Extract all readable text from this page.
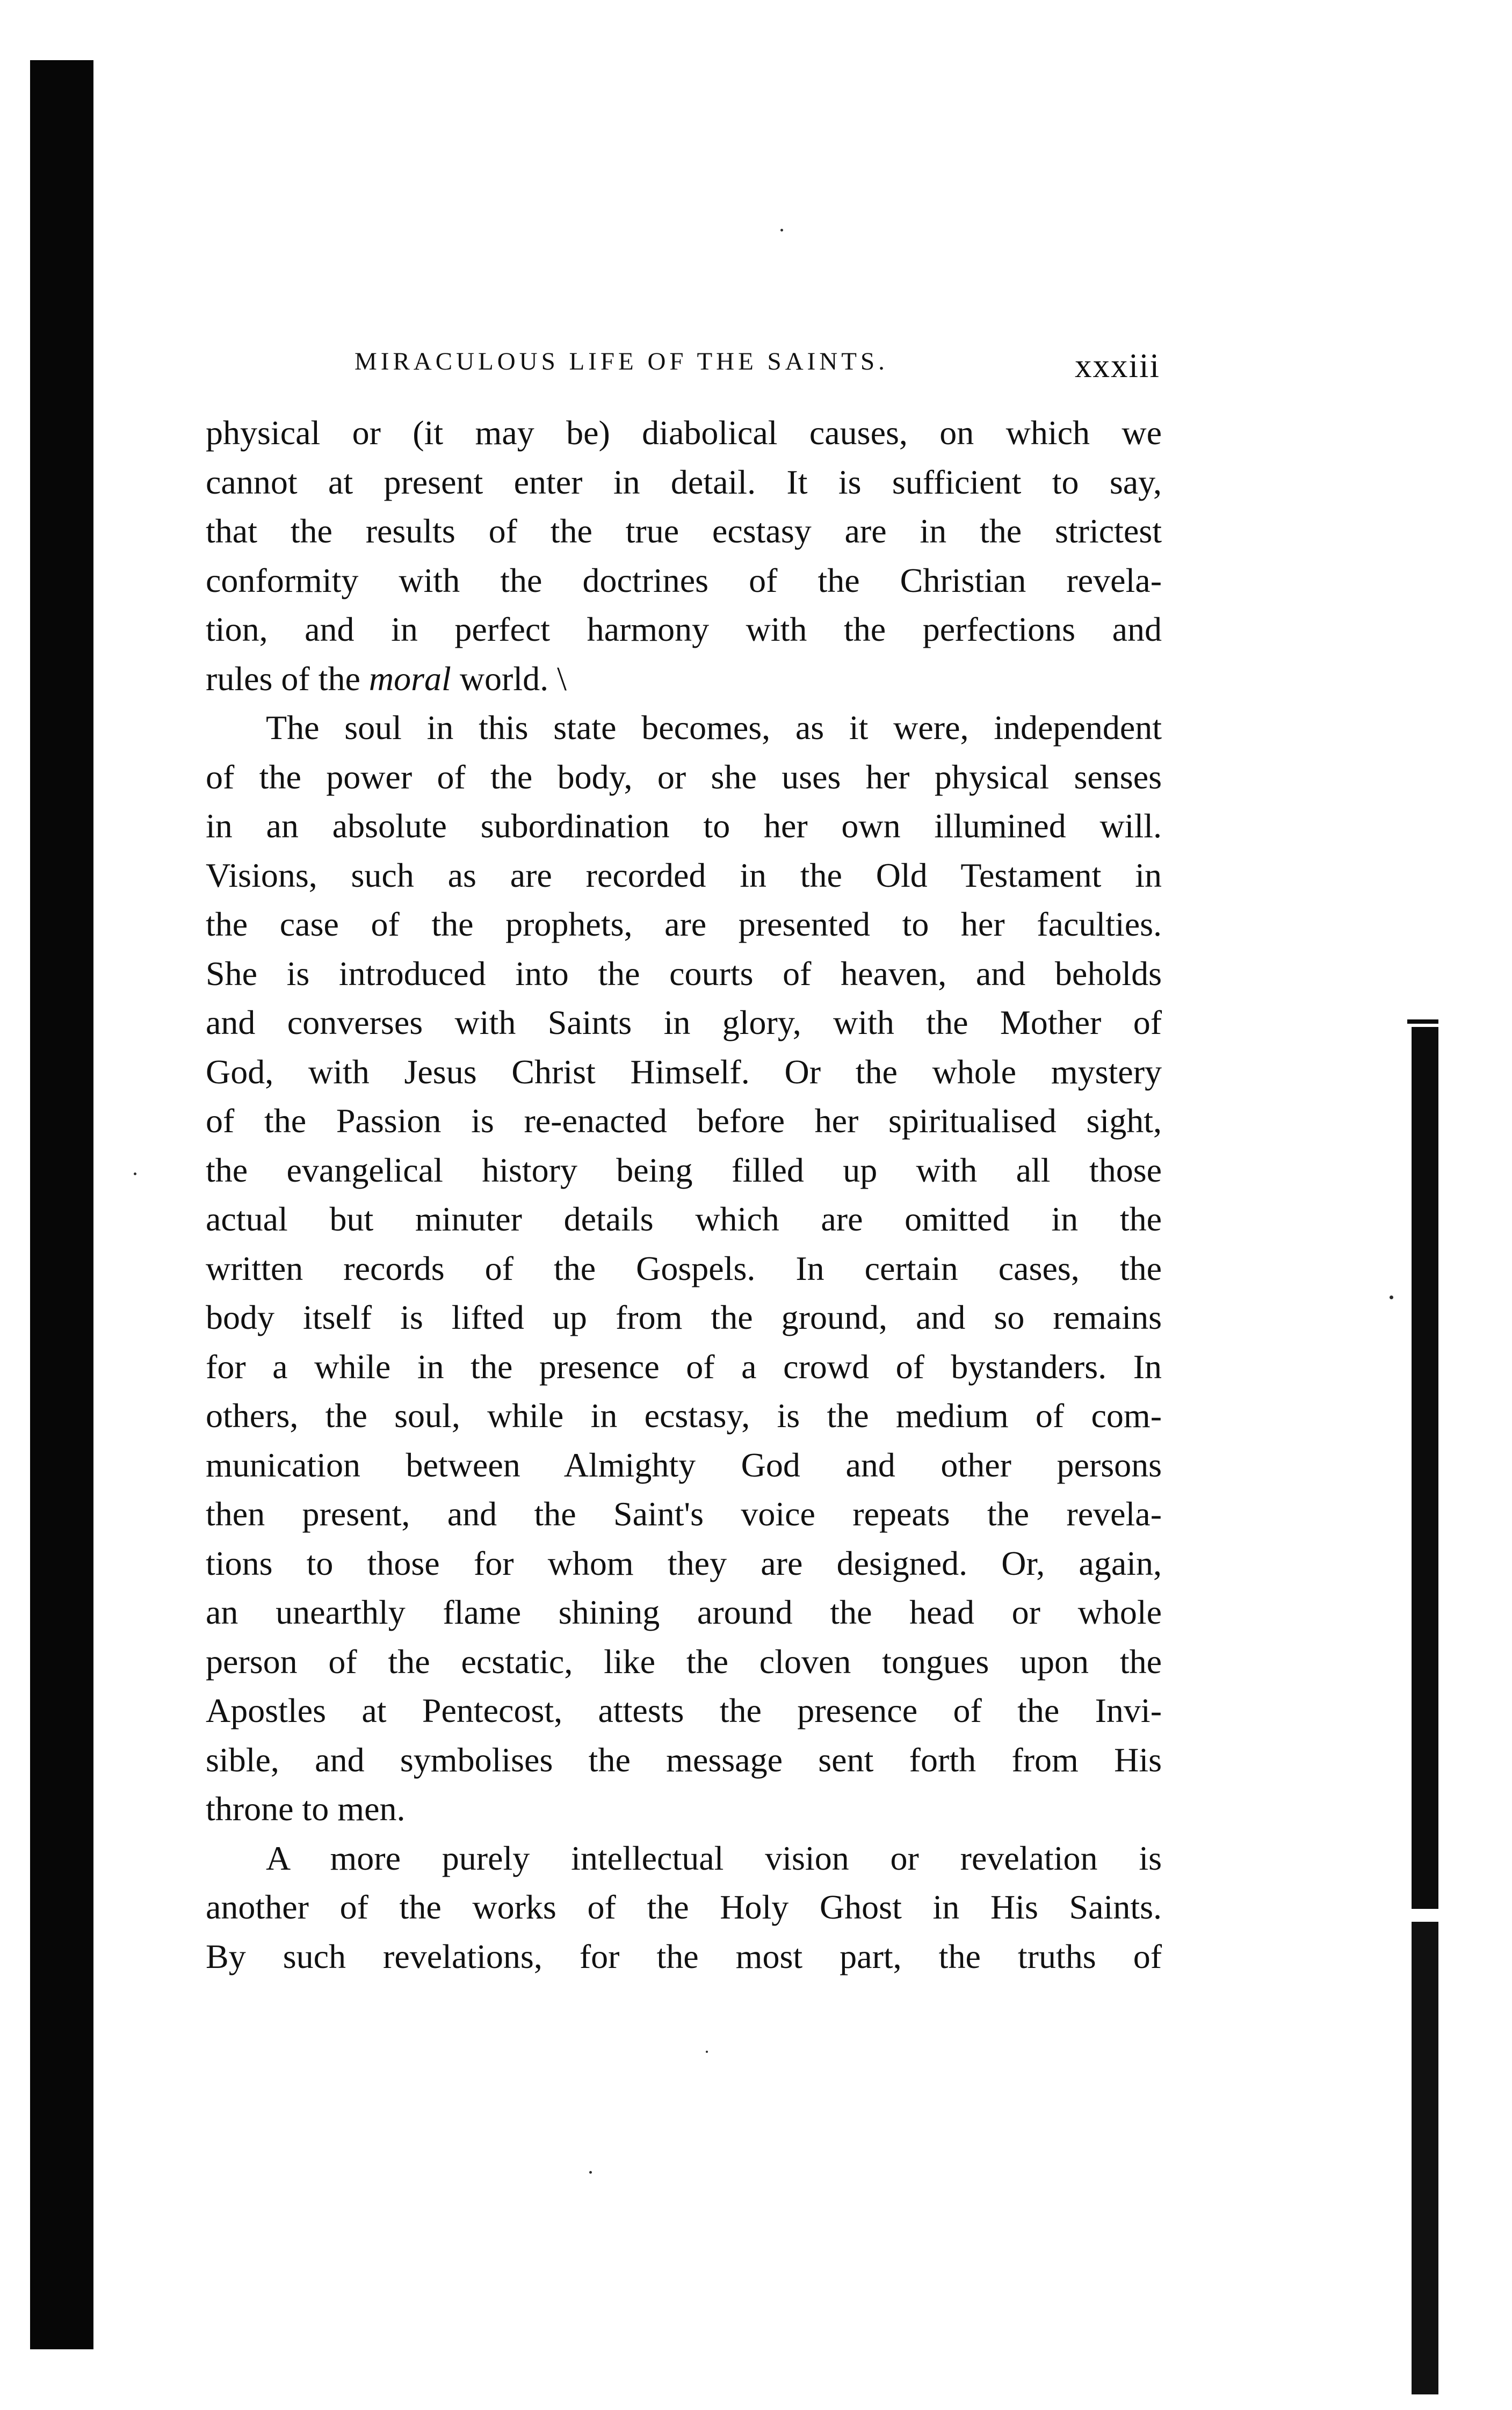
MIRACULOUS LIFE OF THE SAINTS.	xxxiii
physical or (it may be) diabolical causes, on which we
cannot at present enter in detail. It is sufficient to say,
that the results of the true ecstasy are in the strictest
conformity with the doctrines of the Christian revela-
tion, and in perfect harmony with the perfections and
rules of the moral world. \
The soul in this state becomes, as it were, independent
of the power of the body, or she uses her physical senses
in an absolute subordination to her own illumined will.
Visions, such as are recorded in the Old Testament in
the case of the prophets, are presented to her faculties.
She is introduced into the courts of heaven, and beholds
and converses with Saints in glory, with the Mother of
God, with Jesus Christ Himself. Or the whole mystery
of the Passion is re-enacted before her spiritualised sight,
the evangelical history being filled up with all those
actual but minuter details which are omitted in the
written records of the Gospels. In certain cases, the
body itself is lifted up from the ground, and so remains
for a while in the presence of a crowd of bystanders. In
others, the soul, while in ecstasy, is the medium of com-
munication between Almighty God and other persons
then present, and the Saint's voice repeats the revela-
tions to those for whom they are designed. Or, again,
an unearthly flame shining around the head or whole
person of the ecstatic, like the cloven tongues upon the
Apostles at Pentecost, attests the presence of the Invi-
sible, and symbolises the message sent forth from His
throne to men.
A more purely intellectual vision or revelation is
another of the works of the Holy Ghost in His Saints.
By such revelations, for the most part, the truths of
